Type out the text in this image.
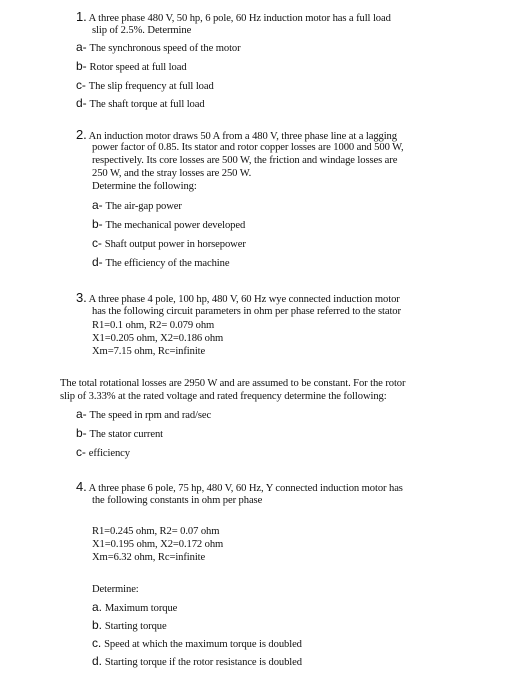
1. A three phase 480 V, 50 hp, 6 pole, 60 Hz induction motor has a full load
slip of 2.5%. Determine
a- The synchronous speed of the motor
b- Rotor speed at full load
c- The slip frequency at full load
d- The shaft torque at full load
2. An induction motor draws 50 A from a 480 V, three phase line at a lagging
power factor of 0.85. Its stator and rotor copper losses are 1000 and 500 W,
respectively. Its core losses are 500 W, the friction and windage losses are
250 W, and the stray losses are 250 W.
Determine the following:
a- The air-gap power
b- The mechanical power developed
c- Shaft output power in horsepower
d- The efficiency of the machine
3. A three phase 4 pole, 100 hp, 480 V, 60 Hz wye connected induction motor
has the following circuit parameters in ohm per phase referred to the stator
R1=0.1 ohm, R2= 0.079 ohm
X1=0.205 ohm, X2=0.186 ohm
Xm=7.15 ohm, Rc=infinite
The total rotational losses are 2950 W and are assumed to be constant. For the rotor
slip of 3.33% at the rated voltage and rated frequency determine the following:
a- The speed in rpm and rad/sec
b- The stator current
c- efficiency
4. A three phase 6 pole, 75 hp, 480 V, 60 Hz, Y connected induction motor has
the following constants in ohm per phase
R1=0.245 ohm, R2= 0.07 ohm
X1=0.195 ohm, X2=0.172 ohm
Xm=6.32 ohm, Rc=infinite
Determine:
a. Maximum torque
b. Starting torque
c. Speed at which the maximum torque is doubled
d. Starting torque if the rotor resistance is doubled
